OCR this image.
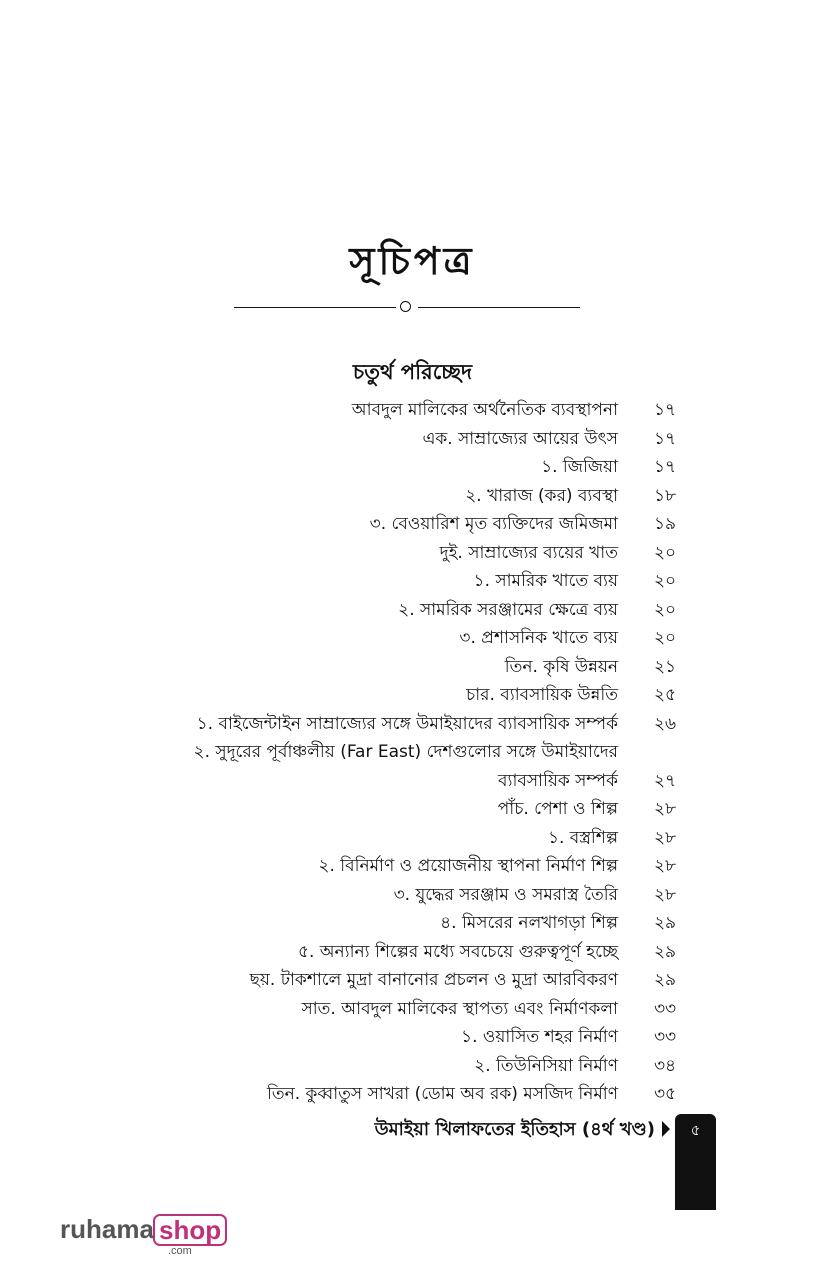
সূচিপত্র
চতুর্থ পরিচ্ছেদ
আবদুল মালিকের অর্থনৈতিক ব্যবস্থাপনা ১৭
এক. সাম্রাজ্যের আয়ের উৎস ১৭
১. জিজিয়া ১৭
২. খারাজ (কর) ব্যবস্থা ১৮
৩. বেওয়ারিশ মৃত ব্যক্তিদের জমিজমা ১৯
দুই. সাম্রাজ্যের ব্যয়ের খাত ২০
১. সামরিক খাতে ব্যয় ২০
২. সামরিক সরঞ্জামের ক্ষেত্রে ব্যয় ২০
৩. প্রশাসনিক খাতে ব্যয় ২০
তিন. কৃষি উন্নয়ন ২১
চার. ব্যাবসায়িক উন্নতি ২৫
১. বাইজেন্টাইন সাম্রাজ্যের সঙ্গে উমাইয়াদের ব্যাবসায়িক সম্পর্ক ২৬
২. সুদূরের পূর্বাঞ্চলীয় (Far East) দেশগুলোর সঙ্গে উমাইয়াদের
ব্যাবসায়িক সম্পর্ক ২৭
পাঁচ. পেশা ও শিল্প ২৮
১. বস্ত্রশিল্প ২৮
২. বিনির্মাণ ও প্রয়োজনীয় স্থাপনা নির্মাণ শিল্প ২৮
৩. যুদ্ধের সরঞ্জাম ও সমরাস্ত্র তৈরি ২৮
৪. মিসরের নলখাগড়া শিল্প ২৯
৫. অন্যান্য শিল্পের মধ্যে সবচেয়ে গুরুত্বপূর্ণ হচ্ছে ২৯
ছয়. টাকশালে মুদ্রা বানানোর প্রচলন ও মুদ্রা আরবিকরণ ২৯
সাত. আবদুল মালিকের স্থাপত্য এবং নির্মাণকলা ৩৩
১. ওয়াসিত শহর নির্মাণ ৩৩
২. তিউনিসিয়া নির্মাণ ৩৪
তিন. কুব্বাতুস সাখরা (ডোম অব রক) মসজিদ নির্মাণ ৩৫
উমাইয়া খিলাফতের ইতিহাস (৪র্থ খণ্ড)	৫
ruhama shop
.com
